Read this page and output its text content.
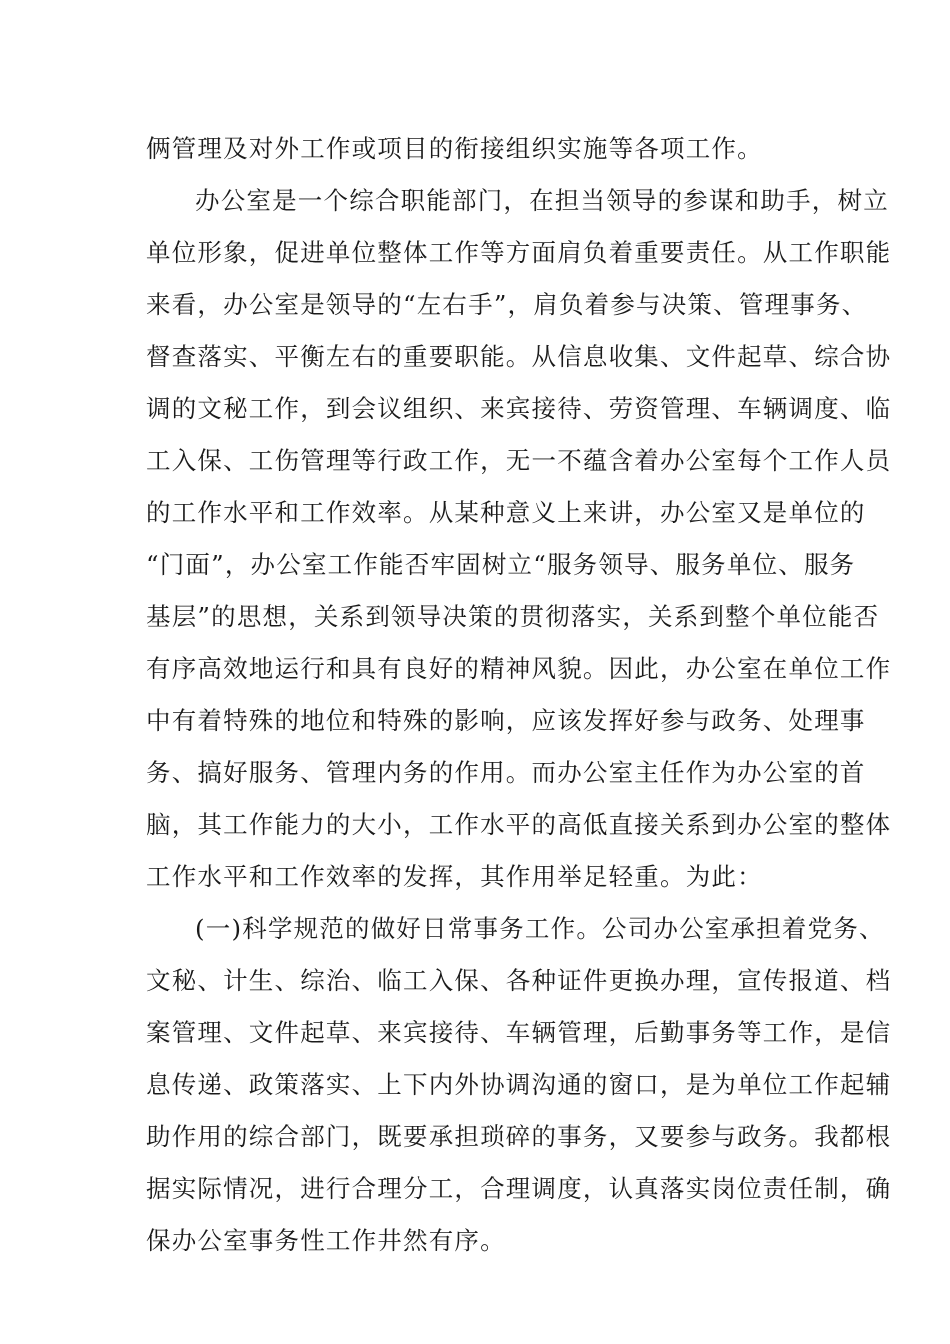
俩管理及对外工作或项目的衔接组织实施等各项工作。
办公室是一个综合职能部门，在担当领导的参谋和助手，树立
单位形象，促进单位整体工作等方面肩负着重要责任。从工作职能
来看，办公室是领导的“左右手”，肩负着参与决策、管理事务、
督查落实、平衡左右的重要职能。从信息收集、文件起草、综合协
调的文秘工作，到会议组织、来宾接待、劳资管理、车辆调度、临
工入保、工伤管理等行政工作，无一不蕴含着办公室每个工作人员
的工作水平和工作效率。从某种意义上来讲，办公室又是单位的
“门面”，办公室工作能否牢固树立“服务领导、服务单位、服务
基层”的思想，关系到领导决策的贯彻落实，关系到整个单位能否
有序高效地运行和具有良好的精神风貌。因此，办公室在单位工作
中有着特殊的地位和特殊的影响，应该发挥好参与政务、处理事
务、搞好服务、管理内务的作用。而办公室主任作为办公室的首
脑，其工作能力的大小，工作水平的高低直接关系到办公室的整体
工作水平和工作效率的发挥，其作用举足轻重。为此：
(一)科学规范的做好日常事务工作。公司办公室承担着党务、
文秘、计生、综治、临工入保、各种证件更换办理，宣传报道、档
案管理、文件起草、来宾接待、车辆管理，后勤事务等工作，是信
息传递、政策落实、上下内外协调沟通的窗口，是为单位工作起辅
助作用的综合部门，既要承担琐碎的事务，又要参与政务。我都根
据实际情况，进行合理分工，合理调度，认真落实岗位责任制，确
保办公室事务性工作井然有序。
